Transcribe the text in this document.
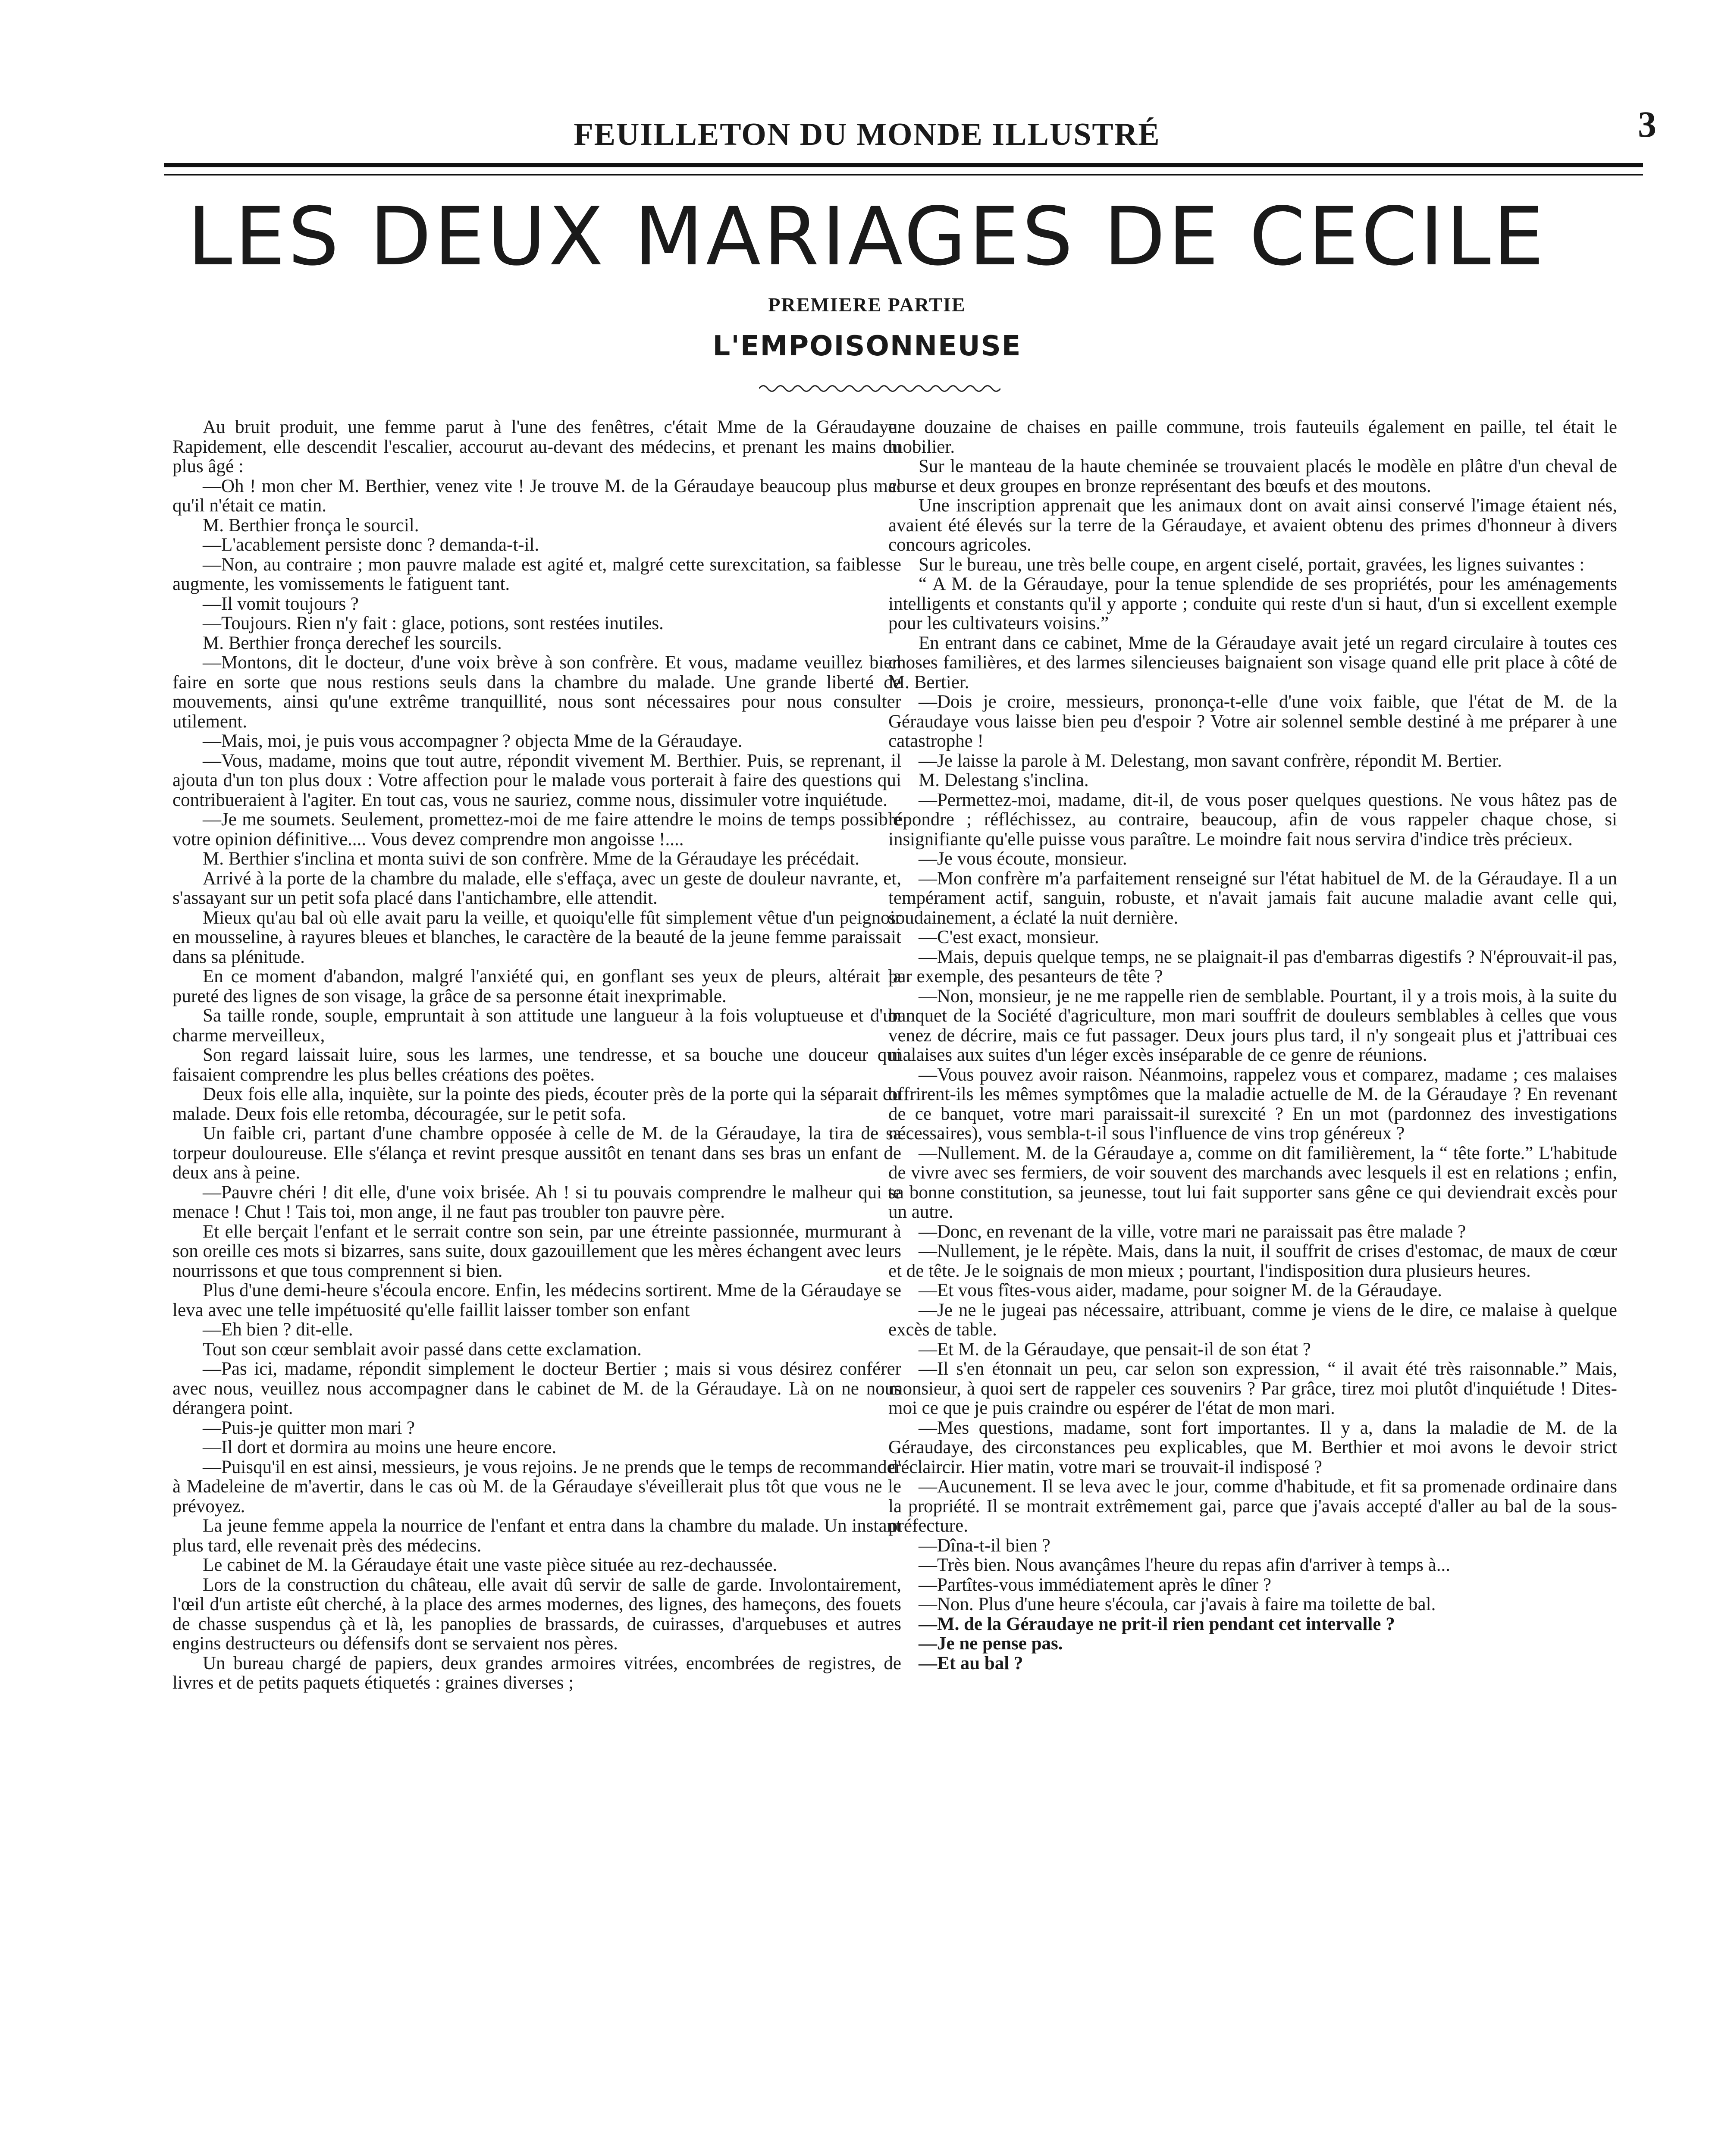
FEUILLETON DU MONDE ILLUSTRÉ	3
LES DEUX MARIAGES DE CECILE
PREMIERE PARTIE
L'EMPOISONNEUSE

Au bruit produit, une femme parut à l'une des fenêtres, c'était Mme de la Géraudaye. Rapidement, elle descendit l'escalier, accourut au-devant des médecins, et prenant les mains du plus âgé :

—Oh ! mon cher M. Berthier, venez vite ! Je trouve M. de la Géraudaye beaucoup plus mal qu'il n'était ce matin.

M. Berthier fronça le sourcil.

—L'acablement persiste donc ? demanda-t-il.

—Non, au contraire ; mon pauvre malade est agité et, malgré cette surexcitation, sa faiblesse augmente, les vomissements le fatiguent tant.

—Il vomit toujours ?

—Toujours. Rien n'y fait : glace, potions, sont restées inutiles.

M. Berthier fronça derechef les sourcils.

—Montons, dit le docteur, d'une voix brève à son confrère. Et vous, madame veuillez bien faire en sorte que nous restions seuls dans la chambre du malade. Une grande liberté de mouvements, ainsi qu'une extrême tranquillité, nous sont nécessaires pour nous consulter utilement.

—Mais, moi, je puis vous accompagner ? objecta Mme de la Géraudaye.

—Vous, madame, moins que tout autre, répondit vivement M. Berthier. Puis, se reprenant, il ajouta d'un ton plus doux : Votre affection pour le malade vous porterait à faire des questions qui contribueraient à l'agiter. En tout cas, vous ne sauriez, comme nous, dissimuler votre inquiétude.

—Je me soumets. Seulement, promettez-moi de me faire attendre le moins de temps possible votre opinion définitive.... Vous devez comprendre mon angoisse !....

M. Berthier s'inclina et monta suivi de son confrère. Mme de la Géraudaye les précédait.

Arrivé à la porte de la chambre du malade, elle s'effaça, avec un geste de douleur navrante, et, s'assayant sur un petit sofa placé dans l'antichambre, elle attendit.

Mieux qu'au bal où elle avait paru la veille, et quoiqu'elle fût simplement vêtue d'un peignoir en mousseline, à rayures bleues et blanches, le caractère de la beauté de la jeune femme paraissait dans sa plénitude.

En ce moment d'abandon, malgré l'anxiété qui, en gonflant ses yeux de pleurs, altérait la pureté des lignes de son visage, la grâce de sa personne était inexprimable.

Sa taille ronde, souple, empruntait à son attitude une langueur à la fois voluptueuse et d'un charme merveilleux,

Son regard laissait luire, sous les larmes, une tendresse, et sa bouche une douceur qui faisaient comprendre les plus belles créations des poëtes.

Deux fois elle alla, inquiète, sur la pointe des pieds, écouter près de la porte qui la séparait du malade. Deux fois elle retomba, découragée, sur le petit sofa.

Un faible cri, partant d'une chambre opposée à celle de M. de la Géraudaye, la tira de sa torpeur douloureuse. Elle s'élança et revint presque aussitôt en tenant dans ses bras un enfant de deux ans à peine.

—Pauvre chéri ! dit elle, d'une voix brisée. Ah ! si tu pouvais comprendre le malheur qui te menace ! Chut ! Tais toi, mon ange, il ne faut pas troubler ton pauvre père.

Et elle berçait l'enfant et le serrait contre son sein, par une étreinte passionnée, murmurant à son oreille ces mots si bizarres, sans suite, doux gazouillement que les mères échangent avec leurs nourrissons et que tous comprennent si bien.

Plus d'une demi-heure s'écoula encore. Enfin, les médecins sortirent. Mme de la Géraudaye se leva avec une telle impétuosité qu'elle faillit laisser tomber son enfant

—Eh bien ? dit-elle.

Tout son cœur semblait avoir passé dans cette exclamation.

—Pas ici, madame, répondit simplement le docteur Bertier ; mais si vous désirez conférer avec nous, veuillez nous accompagner dans le cabinet de M. de la Géraudaye. Là on ne nous dérangera point.

—Puis-je quitter mon mari ?

—Il dort et dormira au moins une heure encore.

—Puisqu'il en est ainsi, messieurs, je vous rejoins. Je ne prends que le temps de recommander à Madeleine de m'avertir, dans le cas où M. de la Géraudaye s'éveillerait plus tôt que vous ne le prévoyez.

La jeune femme appela la nourrice de l'enfant et entra dans la chambre du malade. Un instant plus tard, elle revenait près des médecins.

Le cabinet de M. la Géraudaye était une vaste pièce située au rez-dechaussée.

Lors de la construction du château, elle avait dû servir de salle de garde. Involontairement, l'œil d'un artiste eût cherché, à la place des armes modernes, des lignes, des hameçons, des fouets de chasse suspendus çà et là, les panoplies de brassards, de cuirasses, d'arquebuses et autres engins destructeurs ou défensifs dont se servaient nos pères.

Un bureau chargé de papiers, deux grandes armoires vitrées, encombrées de registres, de livres et de petits paquets étiquetés : graines diverses ;

une douzaine de chaises en paille commune, trois fauteuils également en paille, tel était le mobilier.

Sur le manteau de la haute cheminée se trouvaient placés le modèle en plâtre d'un cheval de course et deux groupes en bronze représentant des bœufs et des moutons.

Une inscription apprenait que les animaux dont on avait ainsi conservé l'image étaient nés, avaient été élevés sur la terre de la Géraudaye, et avaient obtenu des primes d'honneur à divers concours agricoles.

Sur le bureau, une très belle coupe, en argent ciselé, portait, gravées, les lignes suivantes :

“ A M. de la Géraudaye, pour la tenue splendide de ses propriétés, pour les aménagements intelligents et constants qu'il y apporte ; conduite qui reste d'un si haut, d'un si excellent exemple pour les cultivateurs voisins.”

En entrant dans ce cabinet, Mme de la Géraudaye avait jeté un regard circulaire à toutes ces choses familières, et des larmes silencieuses baignaient son visage quand elle prit place à côté de M. Bertier.

—Dois je croire, messieurs, prononça-t-elle d'une voix faible, que l'état de M. de la Géraudaye vous laisse bien peu d'espoir ? Votre air solennel semble destiné à me préparer à une catastrophe !

—Je laisse la parole à M. Delestang, mon savant confrère, répondit M. Bertier.

M. Delestang s'inclina.

—Permettez-moi, madame, dit-il, de vous poser quelques questions. Ne vous hâtez pas de répondre ; réfléchissez, au contraire, beaucoup, afin de vous rappeler chaque chose, si insignifiante qu'elle puisse vous paraître. Le moindre fait nous servira d'indice très précieux.

—Je vous écoute, monsieur.

—Mon confrère m'a parfaitement renseigné sur l'état habituel de M. de la Géraudaye. Il a un tempérament actif, sanguin, robuste, et n'avait jamais fait aucune maladie avant celle qui, soudainement, a éclaté la nuit dernière.

—C'est exact, monsieur.

—Mais, depuis quelque temps, ne se plaignait-il pas d'embarras digestifs ? N'éprouvait-il pas, par exemple, des pesanteurs de tête ?

—Non, monsieur, je ne me rappelle rien de semblable. Pourtant, il y a trois mois, à la suite du banquet de la Société d'agriculture, mon mari souffrit de douleurs semblables à celles que vous venez de décrire, mais ce fut passager. Deux jours plus tard, il n'y songeait plus et j'attribuai ces malaises aux suites d'un léger excès inséparable de ce genre de réunions.

—Vous pouvez avoir raison. Néanmoins, rappelez vous et comparez, madame ; ces malaises offrirent-ils les mêmes symptômes que la maladie actuelle de M. de la Géraudaye ? En revenant de ce banquet, votre mari paraissait-il surexcité ? En un mot (pardonnez des investigations nécessaires), vous sembla-t-il sous l'influence de vins trop généreux ?

—Nullement. M. de la Géraudaye a, comme on dit familièrement, la “ tête forte.” L'habitude de vivre avec ses fermiers, de voir souvent des marchands avec lesquels il est en relations ; enfin, sa bonne constitution, sa jeunesse, tout lui fait supporter sans gêne ce qui deviendrait excès pour un autre.

—Donc, en revenant de la ville, votre mari ne paraissait pas être malade ?

—Nullement, je le répète. Mais, dans la nuit, il souffrit de crises d'estomac, de maux de cœur et de tête. Je le soignais de mon mieux ; pourtant, l'indisposition dura plusieurs heures.

—Et vous fîtes-vous aider, madame, pour soigner M. de la Géraudaye.

—Je ne le jugeai pas nécessaire, attribuant, comme je viens de le dire, ce malaise à quelque excès de table.

—Et M. de la Géraudaye, que pensait-il de son état ?

—Il s'en étonnait un peu, car selon son expression, “ il avait été très raisonnable.” Mais, monsieur, à quoi sert de rappeler ces souvenirs ? Par grâce, tirez moi plutôt d'inquiétude ! Dites-moi ce que je puis craindre ou espérer de l'état de mon mari.

—Mes questions, madame, sont fort importantes. Il y a, dans la maladie de M. de la Géraudaye, des circonstances peu explicables, que M. Berthier et moi avons le devoir strict d'éclaircir. Hier matin, votre mari se trouvait-il indisposé ?

—Aucunement. Il se leva avec le jour, comme d'habitude, et fit sa promenade ordinaire dans la propriété. Il se montrait extrêmement gai, parce que j'avais accepté d'aller au bal de la sous-préfecture.

—Dîna-t-il bien ?

—Très bien. Nous avançâmes l'heure du repas afin d'arriver à temps à...

—Partîtes-vous immédiatement après le dîner ?

—Non. Plus d'une heure s'écoula, car j'avais à faire ma toilette de bal.

—M. de la Géraudaye ne prit-il rien pendant cet intervalle ?

—Je ne pense pas.

—Et au bal ?
